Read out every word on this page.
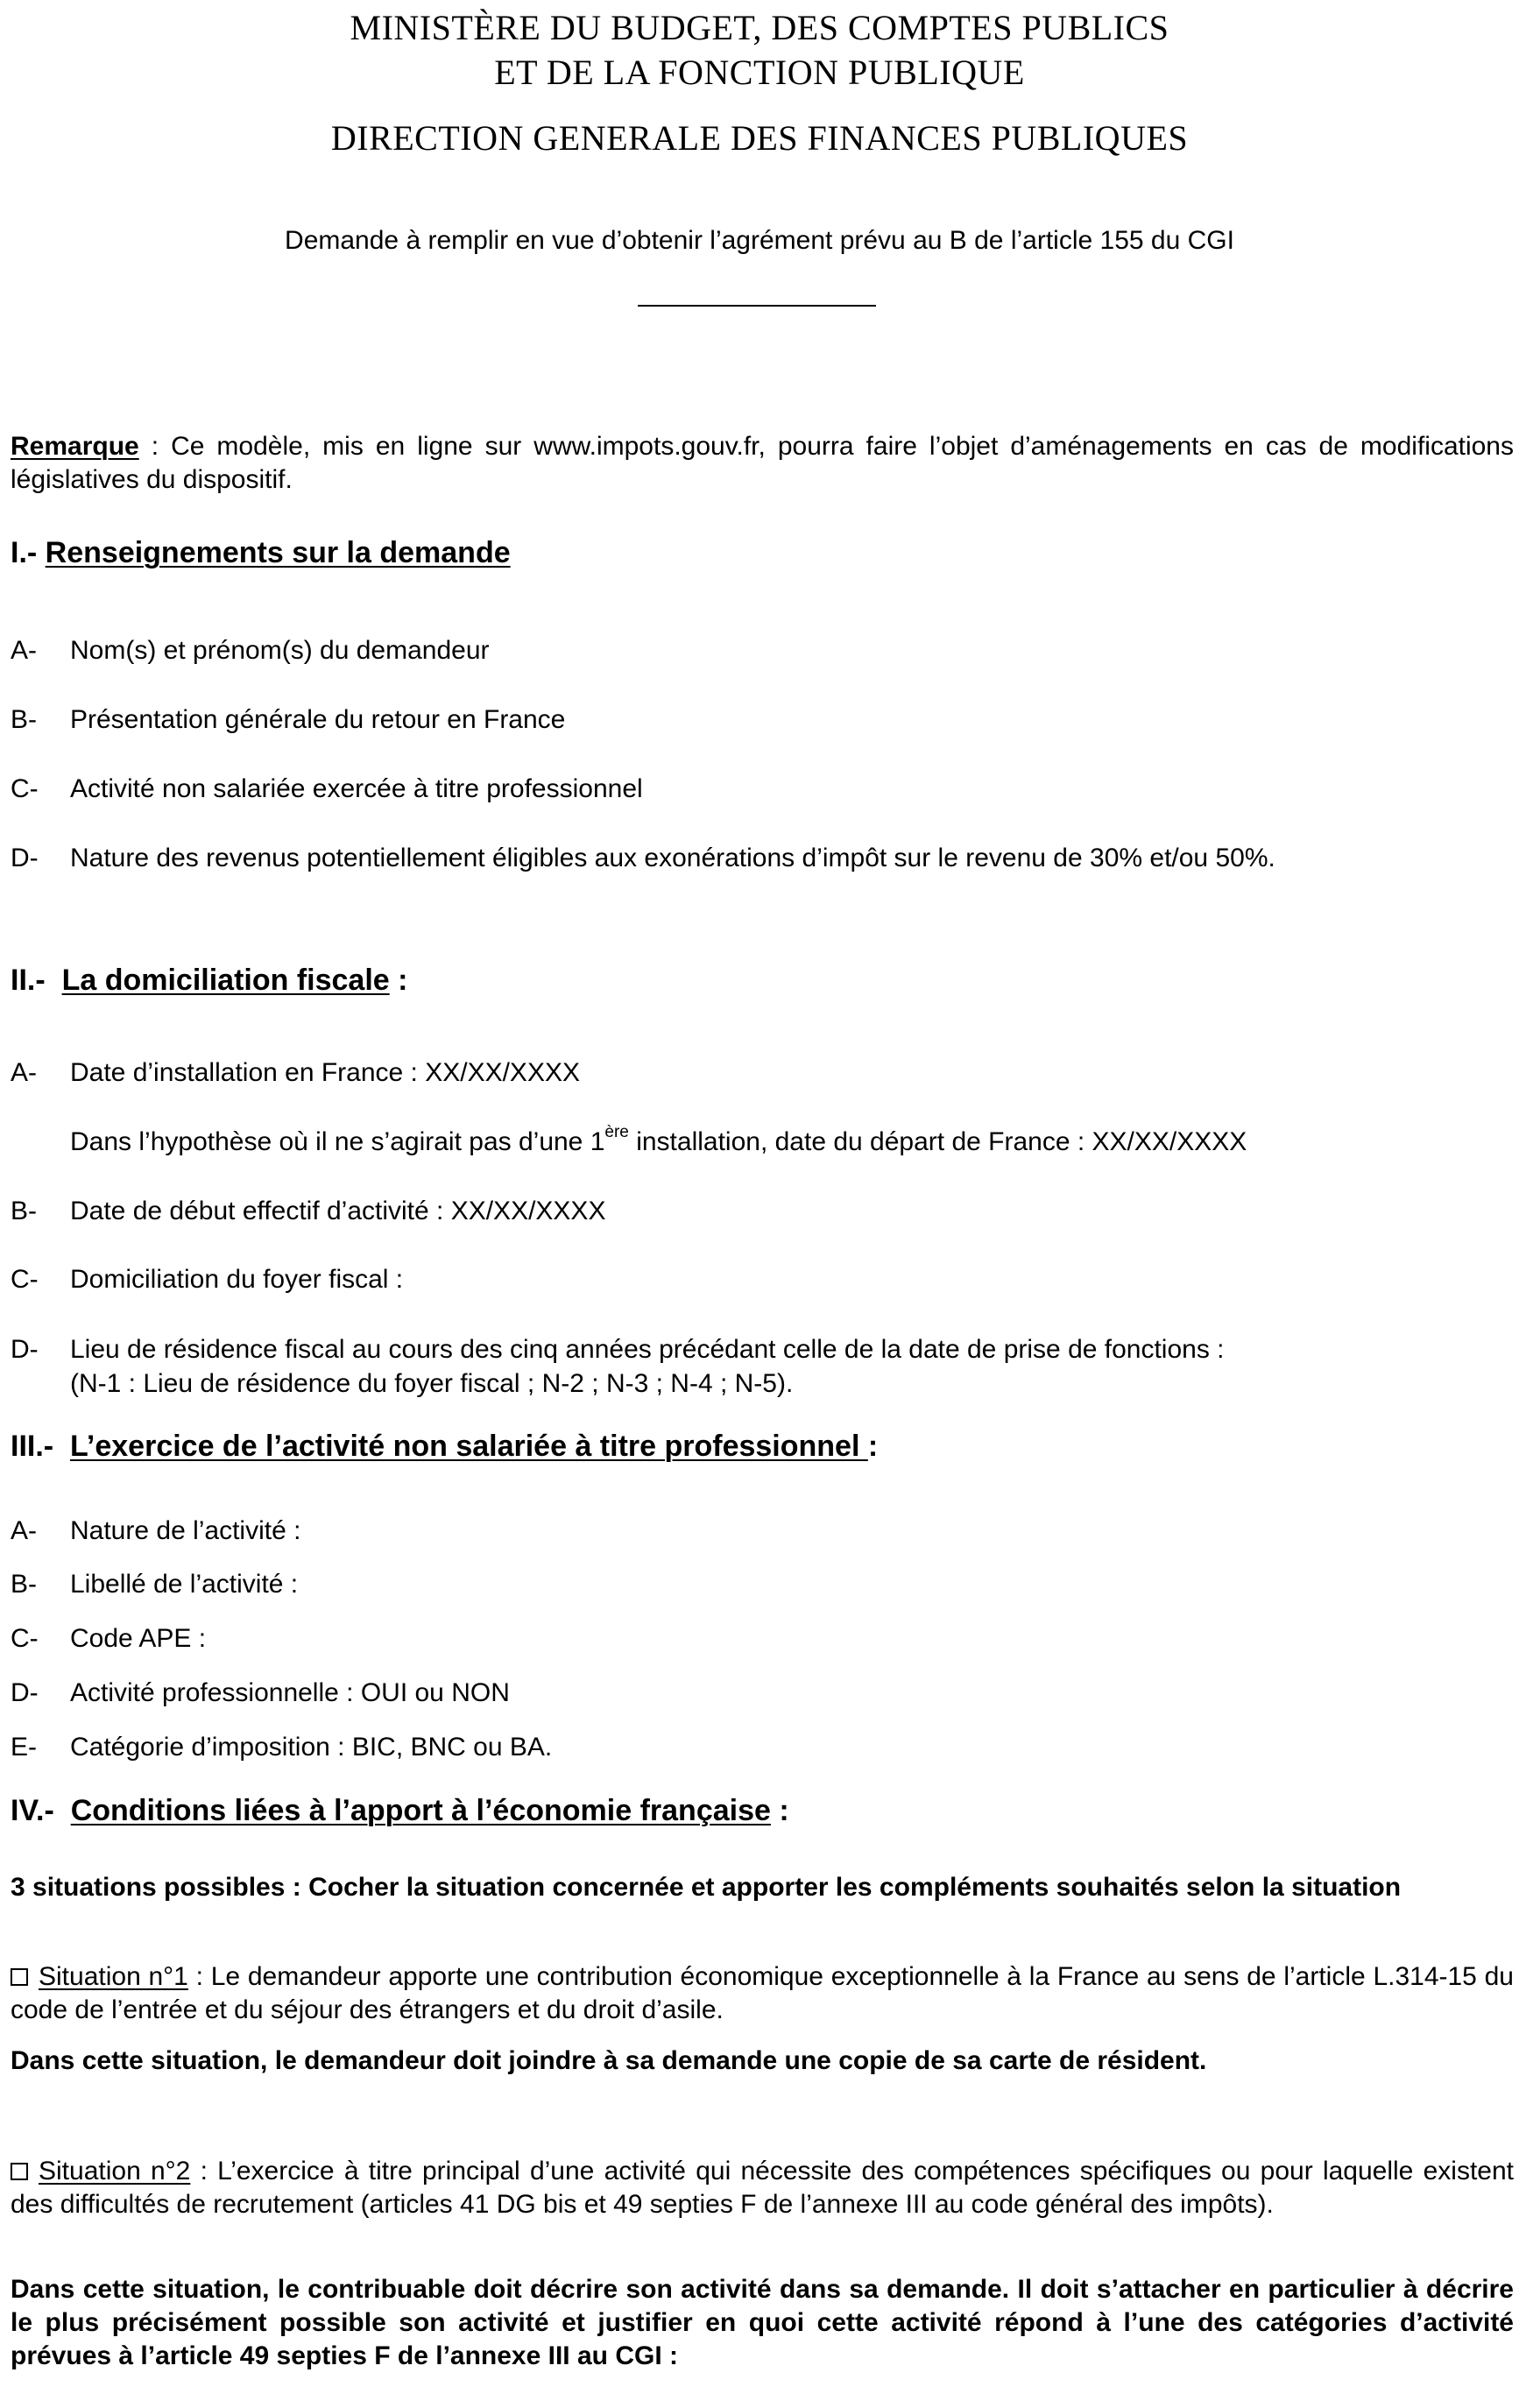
MINISTÈRE DU BUDGET, DES COMPTES PUBLICS
ET DE LA FONCTION PUBLIQUE
DIRECTION GENERALE DES FINANCES PUBLIQUES
Demande à remplir en vue d’obtenir l’agrément prévu au B de l’article 155 du CGI
Remarque : Ce modèle, mis en ligne sur www.impots.gouv.fr, pourra faire l’objet d’aménagements en cas de modifications législatives du dispositif.
I.- Renseignements sur la demande
A- Nom(s) et prénom(s) du demandeur
B- Présentation générale du retour en France
C- Activité non salariée exercée à titre professionnel
D- Nature des revenus potentiellement éligibles aux exonérations d’impôt sur le revenu de 30% et/ou 50%.
II.- La domiciliation fiscale :
A- Date d’installation en France : XX/XX/XXXX
Dans l’hypothèse où il ne s’agirait pas d’une 1ère installation, date du départ de France : XX/XX/XXXX
B- Date de début effectif d’activité : XX/XX/XXXX
C- Domiciliation du foyer fiscal :
D- Lieu de résidence fiscal au cours des cinq années précédant celle de la date de prise de fonctions :
(N-1 : Lieu de résidence du foyer fiscal ; N-2 ; N-3 ; N-4 ; N-5).
III.- L’exercice de l’activité non salariée à titre professionnel :
A- Nature de l’activité :
B- Libellé de l’activité :
C- Code APE :
D- Activité professionnelle : OUI ou NON
E- Catégorie d’imposition : BIC, BNC ou BA.
IV.- Conditions liées à l’apport à l’économie française :
3 situations possibles : Cocher la situation concernée et apporter les compléments souhaités selon la situation
Situation n°1 : Le demandeur apporte une contribution économique exceptionnelle à la France au sens de l’article L.314-15 du code de l’entrée et du séjour des étrangers et du droit d’asile.
Dans cette situation, le demandeur doit joindre à sa demande une copie de sa carte de résident.
Situation n°2 : L’exercice à titre principal d’une activité qui nécessite des compétences spécifiques ou pour laquelle existent des difficultés de recrutement (articles 41 DG bis et 49 septies F de l’annexe III au code général des impôts).
Dans cette situation, le contribuable doit décrire son activité dans sa demande. Il doit s’attacher en particulier à décrire le plus précisément possible son activité et justifier en quoi cette activité répond à l’une des catégories d’activité prévues à l’article 49 septies F de l’annexe III au CGI :
